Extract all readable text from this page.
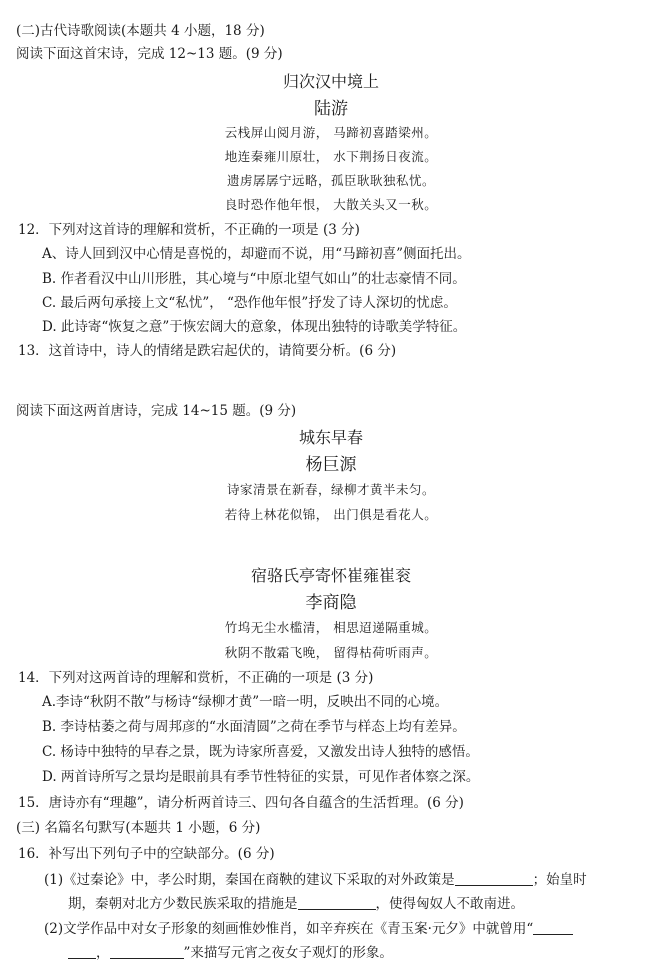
(二)古代诗歌阅读(本题共 4 小题，18 分)
阅读下面这首宋诗，完成 12~13 题。(9 分)
归次汉中境上
陆游
云栈屏山阅月游， 马蹄初喜踏梁州。
地连秦雍川原壮， 水下荆扬日夜流。
遗虏孱孱宁远略，孤臣耿耿独私忧。
良时恐作他年恨， 大散关头又一秋。
12．下列对这首诗的理解和赏析，不正确的一项是 (3 分)
A、诗人回到汉中心情是喜悦的，却避而不说，用“马蹄初喜”侧面托出。
B. 作者看汉中山川形胜，其心境与“中原北望气如山”的壮志豪情不同。
C. 最后两句承接上文“私忧”， “恐作他年恨”抒发了诗人深切的忧虑。
D. 此诗寄“恢复之意”于恢宏阔大的意象，体现出独特的诗歌美学特征。
13．这首诗中，诗人的情绪是跌宕起伏的，请简要分析。(6 分)
阅读下面这两首唐诗，完成 14~15 题。(9 分)
城东早春
杨巨源
诗家清景在新春，绿柳才黄半未匀。
若待上林花似锦， 出门俱是看花人。
宿骆氏亭寄怀崔雍崔衮
李商隐
竹坞无尘水槛清， 相思迢递隔重城。
秋阴不散霜飞晚， 留得枯荷听雨声。
14．下列对这两首诗的理解和赏析，不正确的一项是 (3 分)
A.李诗“秋阴不散”与杨诗“绿柳才黄”一暗一明，反映出不同的心境。
B. 李诗枯萎之荷与周邦彦的“水面清圆”之荷在季节与样态上均有差异。
C. 杨诗中独特的早春之景，既为诗家所喜爱，又激发出诗人独特的感悟。
D. 两首诗所写之景均是眼前具有季节性特征的实景，可见作者体察之深。
15．唐诗亦有“理趣”，请分析两首诗三、四句各自蕴含的生活哲理。(6 分)
(三) 名篇名句默写(本题共 1 小题，6 分)
16．补写出下列句子中的空缺部分。(6 分)
(1)《过秦论》中，孝公时期，秦国在商鞅的建议下采取的对外政策是	；始皇时
期，秦朝对北方少数民族采取的措施是	，使得匈奴人不敢南进。
(2)文学作品中对女子形象的刻画惟妙惟肖，如辛弃疾在《青玉案·元夕》中就曾用“
，	”来描写元宵之夜女子观灯的形象。
